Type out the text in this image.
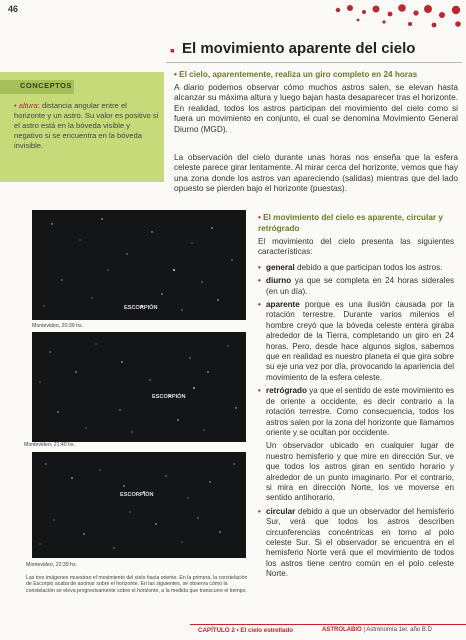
46
▪ El movimiento aparente del cielo
CONCEPTOS
• altura: distancia angular entre el horizonte y un astro. Su valor es positivo si el astro está en la bóveda visible y negativo si se encuentra en la bóveda invisible.
• El cielo, aparentemente, realiza un giro completo en 24 horas
A diario podemos observar cómo muchos astros salen, se elevan hasta alcanzar su máxima altura y luego bajan hasta desaparecer tras el horizonte. En realidad, todos los astros participan del movimiento del cielo como si fuera un movimiento en conjunto, el cual se denomina Movimiento General Diurno (MGD).
La observación del cielo durante unas horas nos enseña que la esfera celeste parece girar lentamente. Al mirar cerca del horizonte, vemos que hay una zona donde los astros van apareciendo (salidas) mientras que del lado opuesto se pierden bajo el horizonte (puestas).
ESCORPIÓN
Montevideo, 20:39 hs.
ESCORPIÓN
Montevideo, 21:40 hs.
ESCORPIÓN
Montevideo, 22:39 hs.
Las tres imágenes muestran el movimiento del cielo hacia oriente. En la primera, la constelación de Escorpio acaba de asomar sobre el horizonte. En las siguientes, se observa cómo la constelación se eleva progresivamente sobre el horizonte, a la medida que transcurre el tiempo.
• El movimiento del cielo es aparente, circular y retrógrado
El movimiento del cielo presenta las siguientes características:
• general debido a que participan todos los astros.
• diurno ya que se completa en 24 horas siderales (en un día).
• aparente porque es una ilusión causada por la rotación terrestre. Durante varios milenios el hombre creyó que la bóveda celeste entera giraba alrededor de la Tierra, completando un giro en 24 horas. Pero, desde hace algunos siglos, sabemos que en realidad es nuestro planeta el que gira sobre su eje una vez por día, provocando la apariencia del movimiento de la esfera celeste.
• retrógrado ya que el sentido de este movimiento es de oriente a occidente, es decir contrario a la rotación terrestre. Como consecuencia, todos los astros salen por la zona del horizonte que llamamos oriente y se ocultan por occidente.
Un observador ubicado en cualquier lugar de nuestro hemisferio y que mire en dirección Sur, ve que todos los astros giran en sentido horario y alrededor de un punto imaginario. Por el contrario, si mira en dirección Norte, los ve moverse en sentido antihorario.
• circular debido a que un observador del hemisferio Sur, verá que todos los astros describen circunferencias concéntricas en torno al polo celeste Sur. Si el observador se encuentra en el hemisferio Norte verá que el movimiento de todos los astros tiene centro común en el polo celeste Norte.
CAPÍTULO 2 • El cielo estrellado	ASTROLABIO | Astronomía 1er. año B.D
